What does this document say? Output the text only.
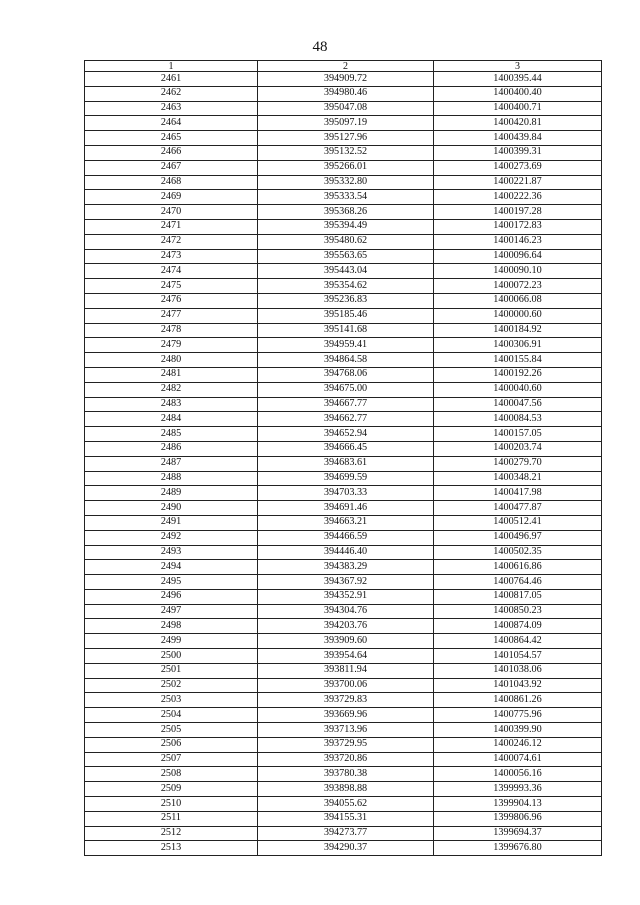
48
1	2	3
2461	394909.72	1400395.44
2462	394980.46	1400400.40
2463	395047.08	1400400.71
2464	395097.19	1400420.81
2465	395127.96	1400439.84
2466	395132.52	1400399.31
2467	395266.01	1400273.69
2468	395332.80	1400221.87
2469	395333.54	1400222.36
2470	395368.26	1400197.28
2471	395394.49	1400172.83
2472	395480.62	1400146.23
2473	395563.65	1400096.64
2474	395443.04	1400090.10
2475	395354.62	1400072.23
2476	395236.83	1400066.08
2477	395185.46	1400000.60
2478	395141.68	1400184.92
2479	394959.41	1400306.91
2480	394864.58	1400155.84
2481	394768.06	1400192.26
2482	394675.00	1400040.60
2483	394667.77	1400047.56
2484	394662.77	1400084.53
2485	394652.94	1400157.05
2486	394666.45	1400203.74
2487	394683.61	1400279.70
2488	394699.59	1400348.21
2489	394703.33	1400417.98
2490	394691.46	1400477.87
2491	394663.21	1400512.41
2492	394466.59	1400496.97
2493	394446.40	1400502.35
2494	394383.29	1400616.86
2495	394367.92	1400764.46
2496	394352.91	1400817.05
2497	394304.76	1400850.23
2498	394203.76	1400874.09
2499	393909.60	1400864.42
2500	393954.64	1401054.57
2501	393811.94	1401038.06
2502	393700.06	1401043.92
2503	393729.83	1400861.26
2504	393669.96	1400775.96
2505	393713.96	1400399.90
2506	393729.95	1400246.12
2507	393720.86	1400074.61
2508	393780.38	1400056.16
2509	393898.88	1399993.36
2510	394055.62	1399904.13
2511	394155.31	1399806.96
2512	394273.77	1399694.37
2513	394290.37	1399676.80
